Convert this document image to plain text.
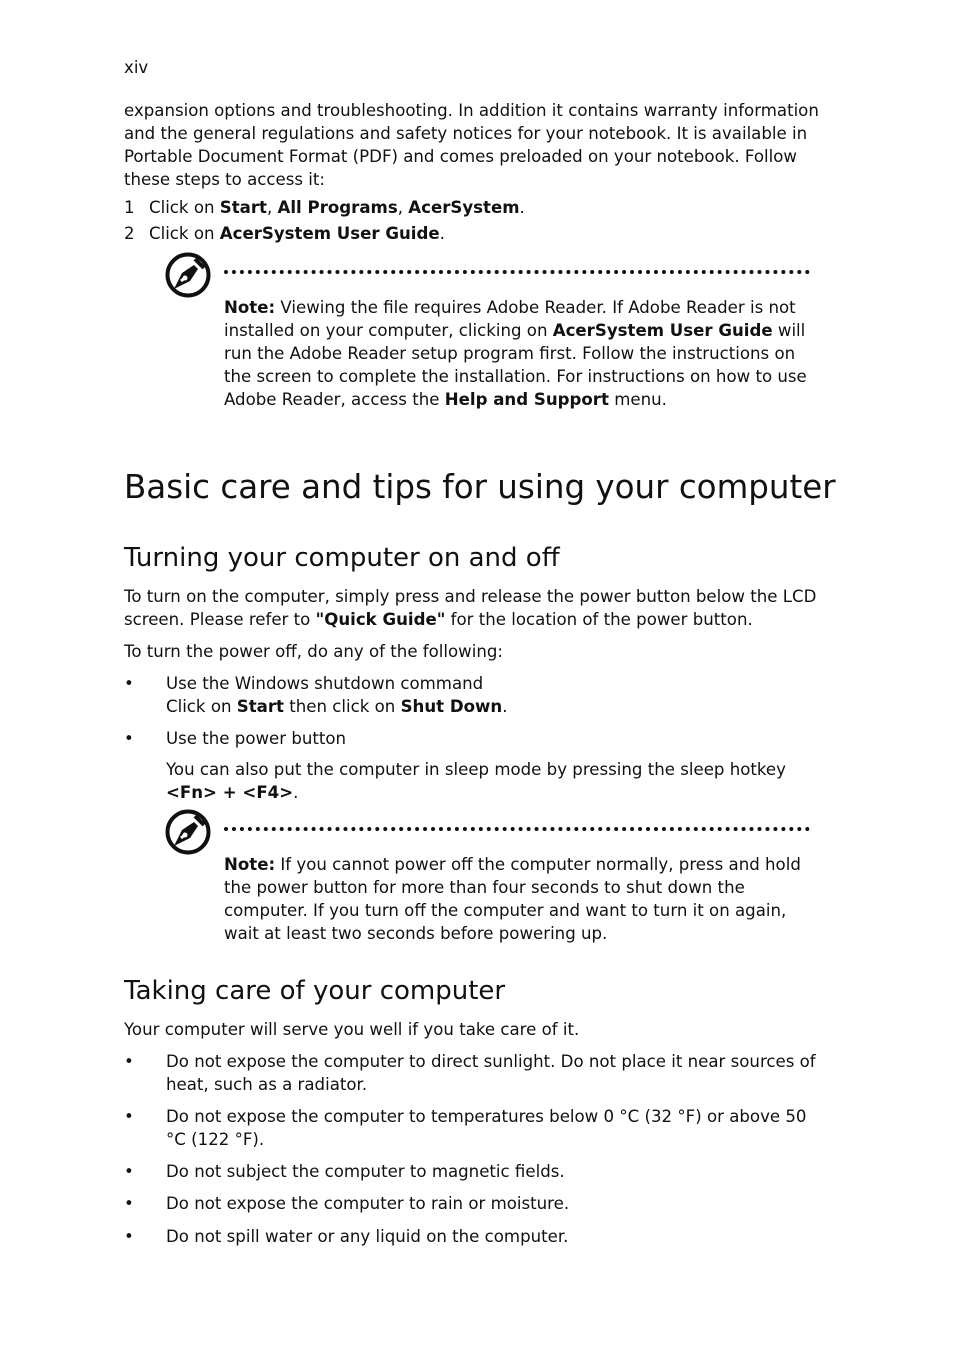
xiv

expansion options and troubleshooting. In addition it contains warranty information and the general regulations and safety notices for your notebook. It is available in Portable Document Format (PDF) and comes preloaded on your notebook. Follow these steps to access it:

1 Click on Start, All Programs, AcerSystem.
2 Click on AcerSystem User Guide.
Note: Viewing the file requires Adobe Reader. If Adobe Reader is not installed on your computer, clicking on AcerSystem User Guide will run the Adobe Reader setup program first. Follow the instructions on the screen to complete the installation. For instructions on how to use Adobe Reader, access the Help and Support menu.
Basic care and tips for using your computer
Turning your computer on and off

To turn on the computer, simply press and release the power button below the LCD screen. Please refer to "Quick Guide" for the location of the power button.

To turn the power off, do any of the following:

• Use the Windows shutdown command
Click on Start then click on Shut Down.
• Use the power button
You can also put the computer in sleep mode by pressing the sleep hotkey <Fn> + <F4>.
Note: If you cannot power off the computer normally, press and hold the power button for more than four seconds to shut down the computer. If you turn off the computer and want to turn it on again, wait at least two seconds before powering up.
Taking care of your computer

Your computer will serve you well if you take care of it.

• Do not expose the computer to direct sunlight. Do not place it near sources of heat, such as a radiator.
• Do not expose the computer to temperatures below 0 °C (32 °F) or above 50 °C (122 °F).
• Do not subject the computer to magnetic fields.
• Do not expose the computer to rain or moisture.
• Do not spill water or any liquid on the computer.
